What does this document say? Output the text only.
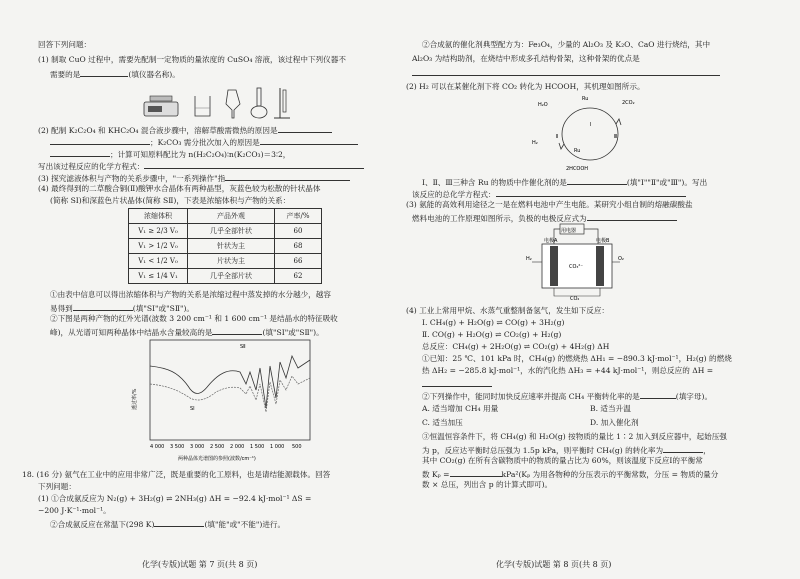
回答下列问题：
(1) 制取 CuO 过程中，需要先配制一定物质的量浓度的 CuSO₄ 溶液，该过程中下列仪器不
需要的是	(填仪器名称)。
(2) 配制 K₂C₂O₄ 和 KHC₂O₄ 混合液步骤中，溶解草酸需微热的原因是
；K₂CO₃ 需分批次加入的原因是
；计算可知原料配比为 n(H₂C₂O₄)∶n(K₂CO₃)＝3∶2，
写出该过程反应的化学方程式：
(3) 探究滤液体积与产物的关系步骤中，"一系列操作"指
(4) 最终得到的二草酸合铜(Ⅱ)酸钾水合晶体有两种晶型，灰蓝色较为松散的针状晶体
(简称 SⅠ)和深蓝色片状晶体(简称 SⅡ)，下表是浓缩体积与产物的关系：
浓缩体积	产品外观	产率/%
V₁ ≥ 2/3 V₀	几乎全部针状	60
V₁ > 1/2 V₀	针状为主	68
V₁ < 1/2 V₀	片状为主	66
V₁ ≤ 1/4 V₁	几乎全部片状	62
①由表中信息可以得出浓缩体积与产物的关系是浓缩过程中蒸发掉的水分越少，越容
易得到	(填"SⅠ"或"SⅡ")。
②下图是两种产物的红外光谱(波数 3 200 cm⁻¹ 和 1 600 cm⁻¹ 是结晶水的特征吸收
峰)，从光谱可知两种晶体中结晶水含量较高的是	(填"SⅠ"或"SⅡ")。
SⅡ
SⅠ
透过率/%
4 000 3 500 3 000 2 500 2 000 1 500 1 000 500
两种晶体光谱图的参照(波数/cm⁻¹)
18. (16 分) 氨气在工业中的应用非常广泛，既是重要的化工原料，也是请结能源载体。回答
下列问题：
(1) ①合成氨反应为 N₂(g) + 3H₂(g) ⇌ 2NH₃(g) ΔH = −92.4 kJ·mol⁻¹ ΔS =
−200 J·K⁻¹·mol⁻¹。
②合成氨反应在常温下(298 K)	(填"能"或"不能")进行。
化学(专版)试题 第 7 页(共 8 页)
②合成氨的催化剂典型配方为：Fe₃O₄，少量的 Al₂O₃ 及 K₂O、CaO 进行烧结，其中
Al₂O₃ 为结构助剂，在烧结中形成多孔结构骨架，这种骨架的优点是
(2) H₂ 可以在某催化剂下将 CO₂ 转化为 HCOOH，其机理如图所示。
H₂O	2CO₂
Ru
Ⅰ
Ⅱ	Ⅲ
Ru
H₂
2HCOOH
Ⅰ、Ⅱ、Ⅲ三种含 Ru 的物质中作催化剂的是	(填"Ⅰ""Ⅱ"或"Ⅲ")。写出
该反应的总化学方程式：
(3) 氨能的高效利用途径之一是在燃料电池中产生电能。某研究小组自制的熔融碳酸盐
燃料电池的工作原理如图所示，负极的电极反应式为
用电器
CO₃²⁻
H₂	O₂
CO₂
电极A	电极B
(4) 工业上常用甲烷、水蒸气重整制备氢气，发生如下反应：
Ⅰ. CH₄(g) + H₂O(g) ⇌ CO(g) + 3H₂(g)
Ⅱ. CO(g) + H₂O(g) ⇌ CO₂(g) + H₂(g)
总反应：CH₄(g) + 2H₂O(g) ⇌ CO₂(g) + 4H₂(g) ΔH
①已知：25 ℃、101 kPa 时，CH₄(g) 的燃烧热 ΔH₁ = −890.3 kJ·mol⁻¹，H₂(g) 的燃烧
热 ΔH₂ = −285.8 kJ·mol⁻¹，水的汽化热 ΔH₃ = +44 kJ·mol⁻¹，则总反应的 ΔH =
②下列操作中，能同时加快反应速率并提高 CH₄ 平衡转化率的是	(填字母)。
A. 适当增加 CH₄ 用量	B. 适当升温
C. 适当加压	D. 加入催化剂
③恒温恒容条件下，将 CH₄(g) 和 H₂O(g) 按物质的量比 1∶2 加入到反应器中，起始压强
为 p，反应达平衡时总压强为 1.5p kPa，则平衡时 CH₄(g) 的转化率为	，
其中 CO₂(g) 在所有含碳物质中的物质的量占比为 60%，则该温度下反应Ⅰ的平衡常
数 Kₚ =	kPa²(Kₚ 为用各物种的分压表示的平衡常数，分压 = 物质的量分
数 × 总压，列出含 p 的计算式即可)。
化学(专版)试题 第 8 页(共 8 页)
